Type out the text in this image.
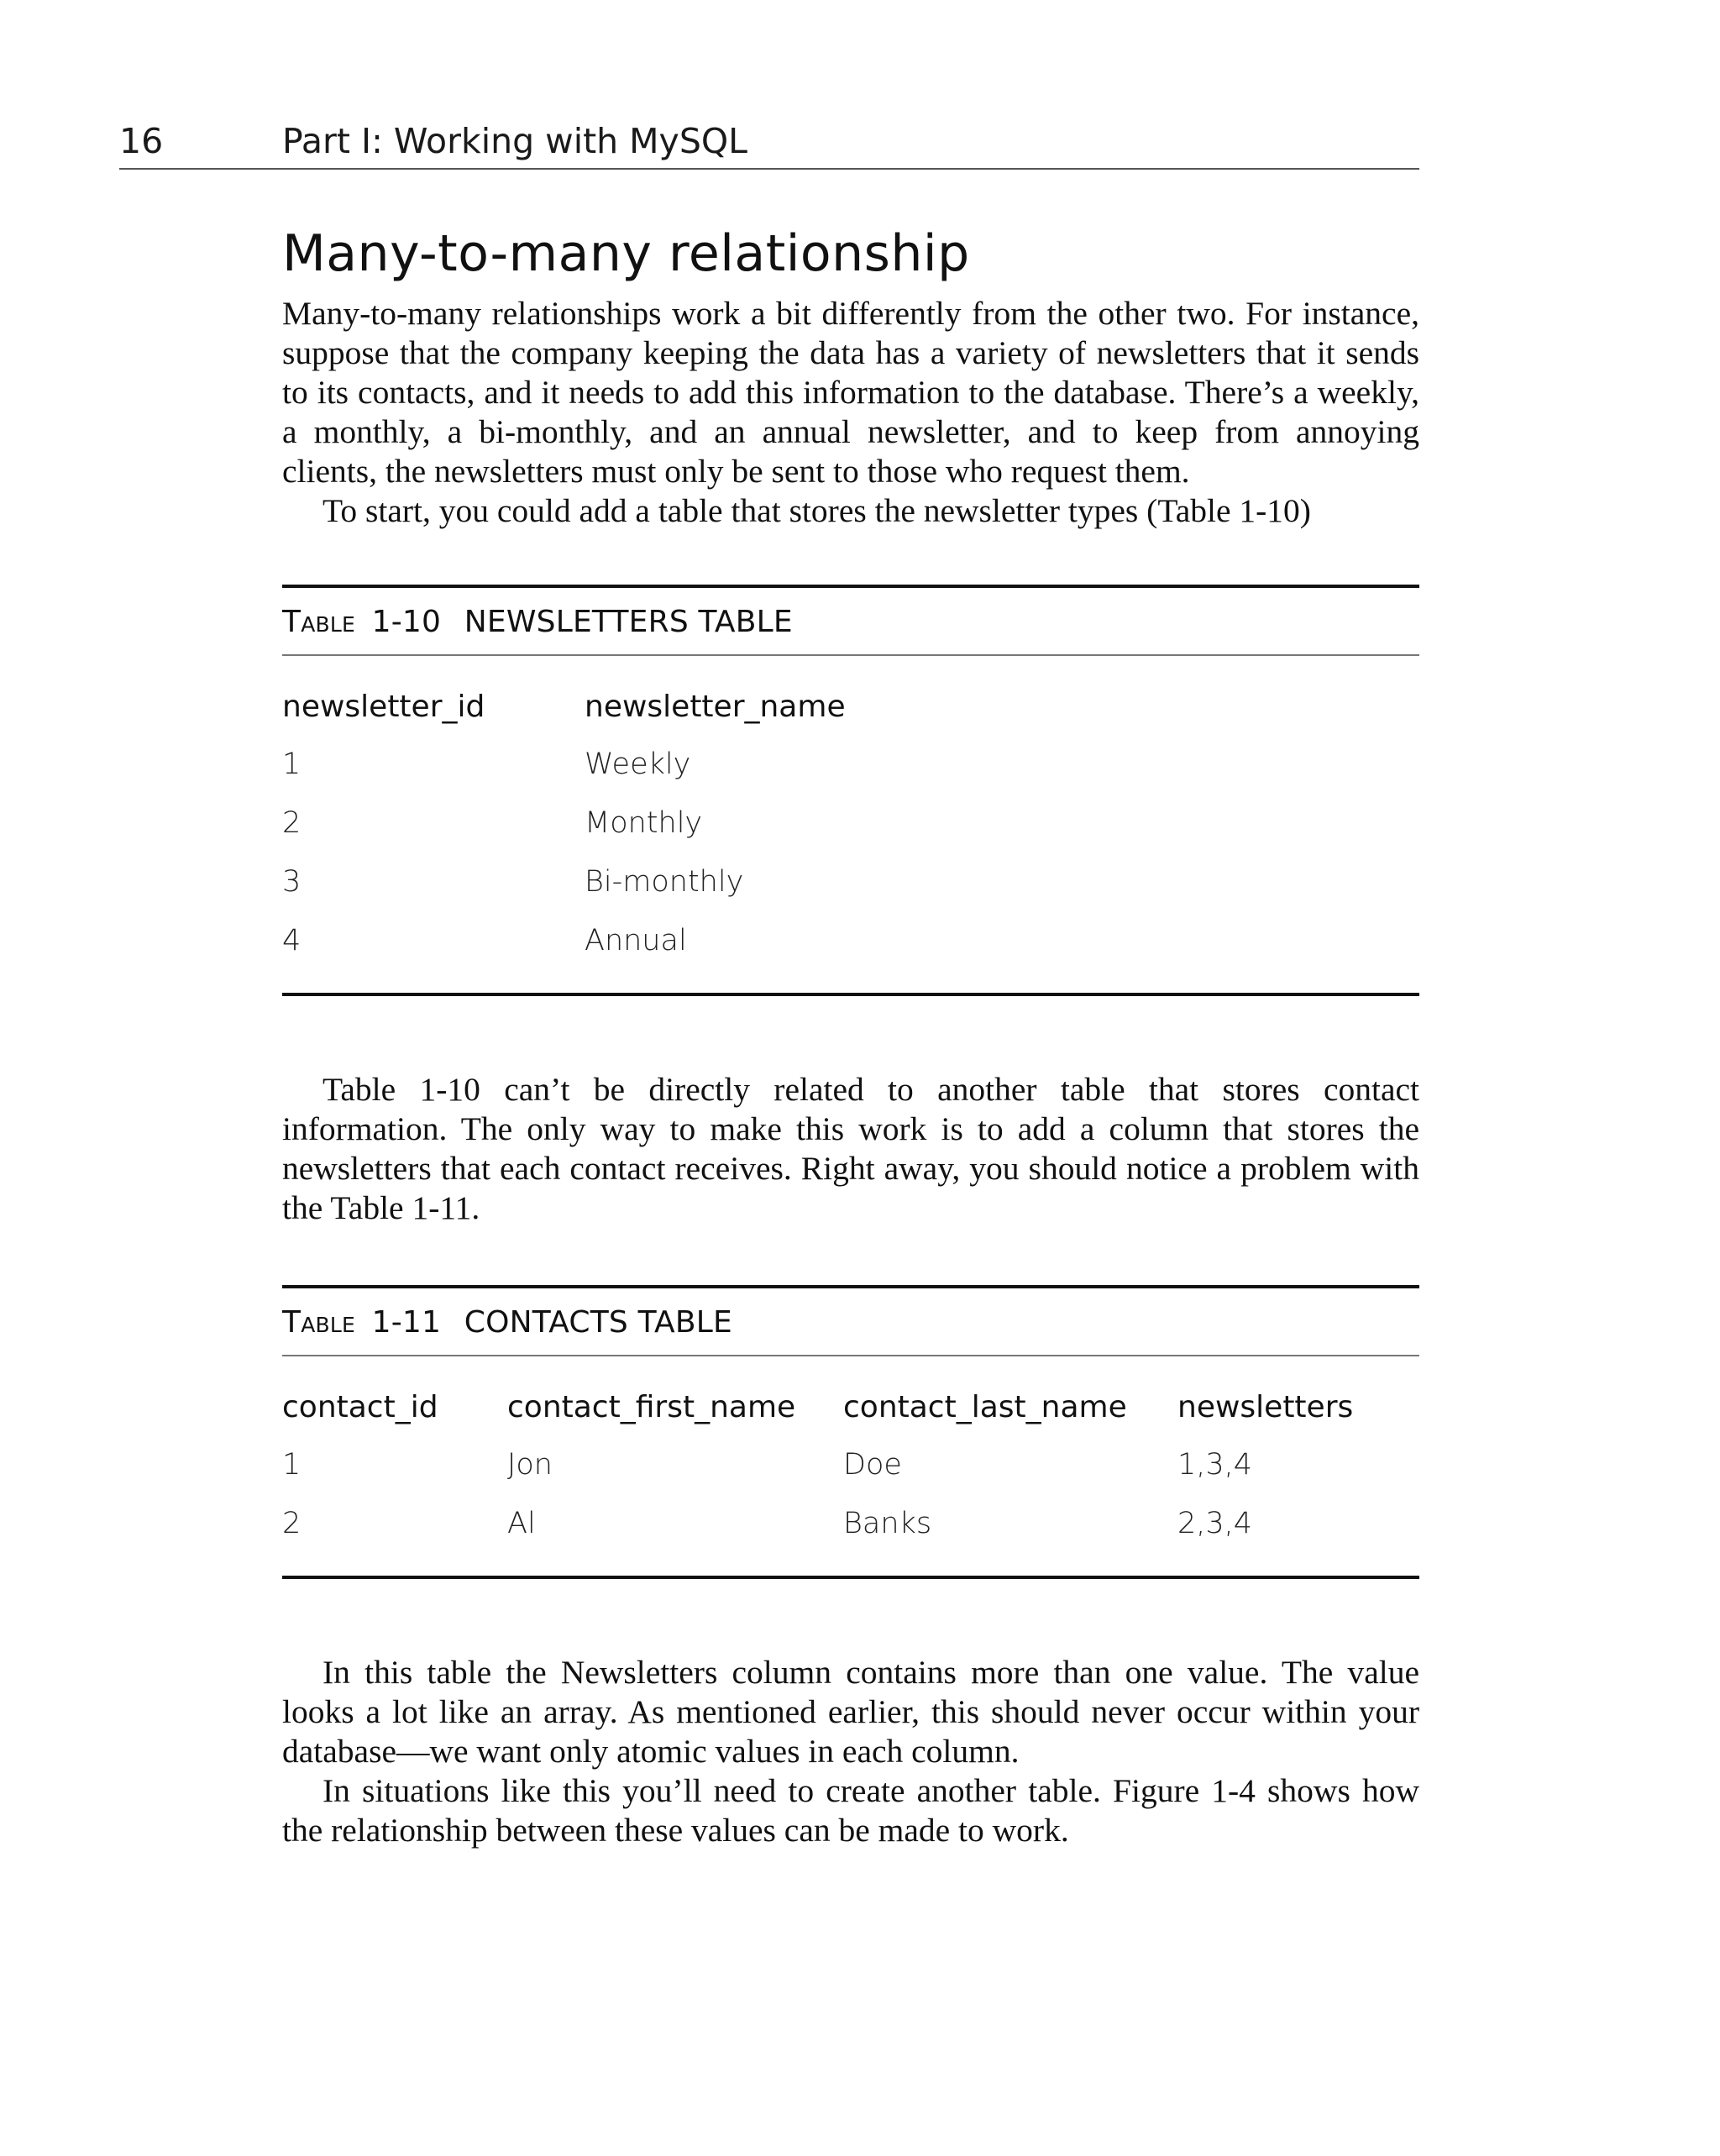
16	Part I: Working with MySQL
Many-to-many relationship

Many-to-many relationships work a bit differently from the other two. For instance, suppose that the company keeping the data has a variety of newsletters that it sends to its contacts, and it needs to add this information to the database. There’s a weekly, a monthly, a bi-monthly, and an annual newsletter, and to keep from annoying clients, the newsletters must only be sent to those who request them.

To start, you could add a table that stores the newsletter types (Table 1-10)

Table 1-10 NEWSLETTERS TABLE
newsletter_id	newsletter_name
1	Weekly
2	Monthly
3	Bi-monthly
4	Annual

Table 1-10 can’t be directly related to another table that stores contact information. The only way to make this work is to add a column that stores the newsletters that each contact receives. Right away, you should notice a problem with the Table 1-11.

Table 1-11 CONTACTS TABLE
contact_id	contact_first_name	contact_last_name	newsletters
1	Jon	Doe	1,3,4
2	Al	Banks	2,3,4

In this table the Newsletters column contains more than one value. The value looks a lot like an array. As mentioned earlier, this should never occur within your database—we want only atomic values in each column.

In situations like this you’ll need to create another table. Figure 1-4 shows how the relationship between these values can be made to work.
